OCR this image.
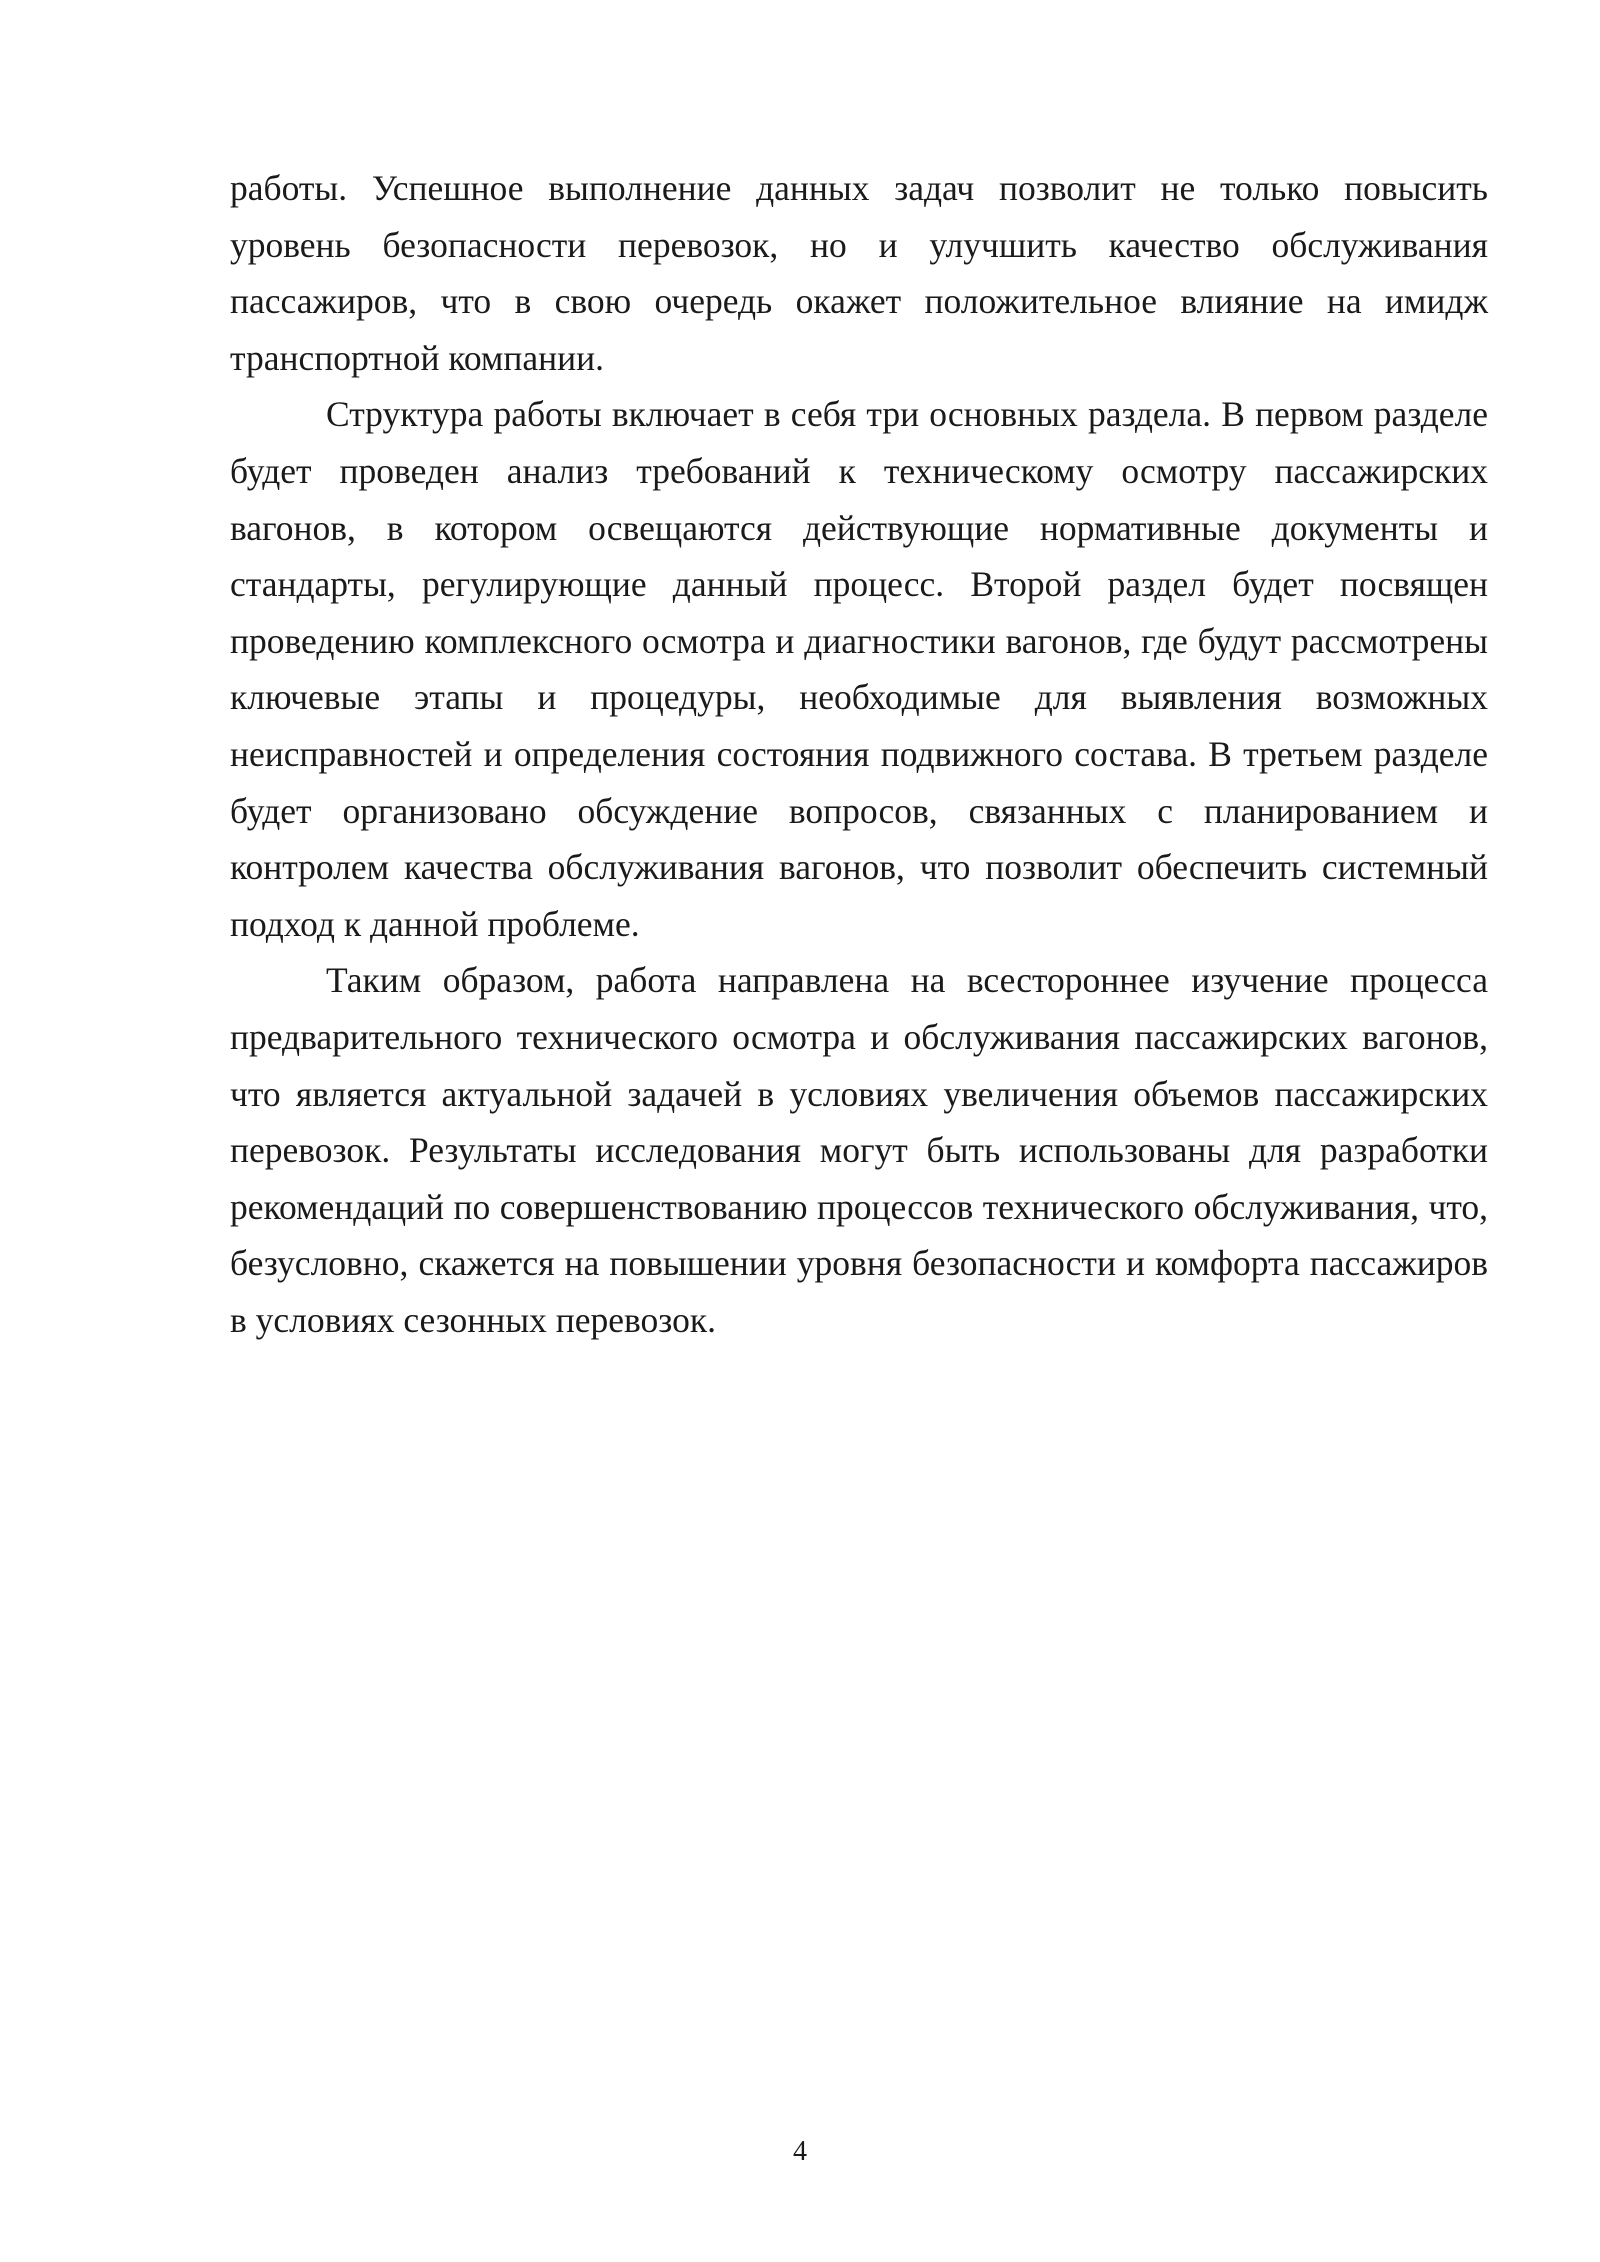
работы. Успешное выполнение данных задач позволит не только повысить уровень безопасности перевозок, но и улучшить качество обслуживания пассажиров, что в свою очередь окажет положительное влияние на имидж транспортной компании.

Структура работы включает в себя три основных раздела. В первом разделе будет проведен анализ требований к техническому осмотру пассажирских вагонов, в котором освещаются действующие нормативные документы и стандарты, регулирующие данный процесс. Второй раздел будет посвящен проведению комплексного осмотра и диагностики вагонов, где будут рассмотрены ключевые этапы и процедуры, необходимые для выявления возможных неисправностей и определения состояния подвижного состава. В третьем разделе будет организовано обсуждение вопросов, связанных с планированием и контролем качества обслуживания вагонов, что позволит обеспечить системный подход к данной проблеме.

Таким образом, работа направлена на всестороннее изучение процесса предварительного технического осмотра и обслуживания пассажирских вагонов, что является актуальной задачей в условиях увеличения объемов пассажирских перевозок. Результаты исследования могут быть использованы для разработки рекомендаций по совершенствованию процессов технического обслуживания, что, безусловно, скажется на повышении уровня безопасности и комфорта пассажиров в условиях сезонных перевозок.

4
